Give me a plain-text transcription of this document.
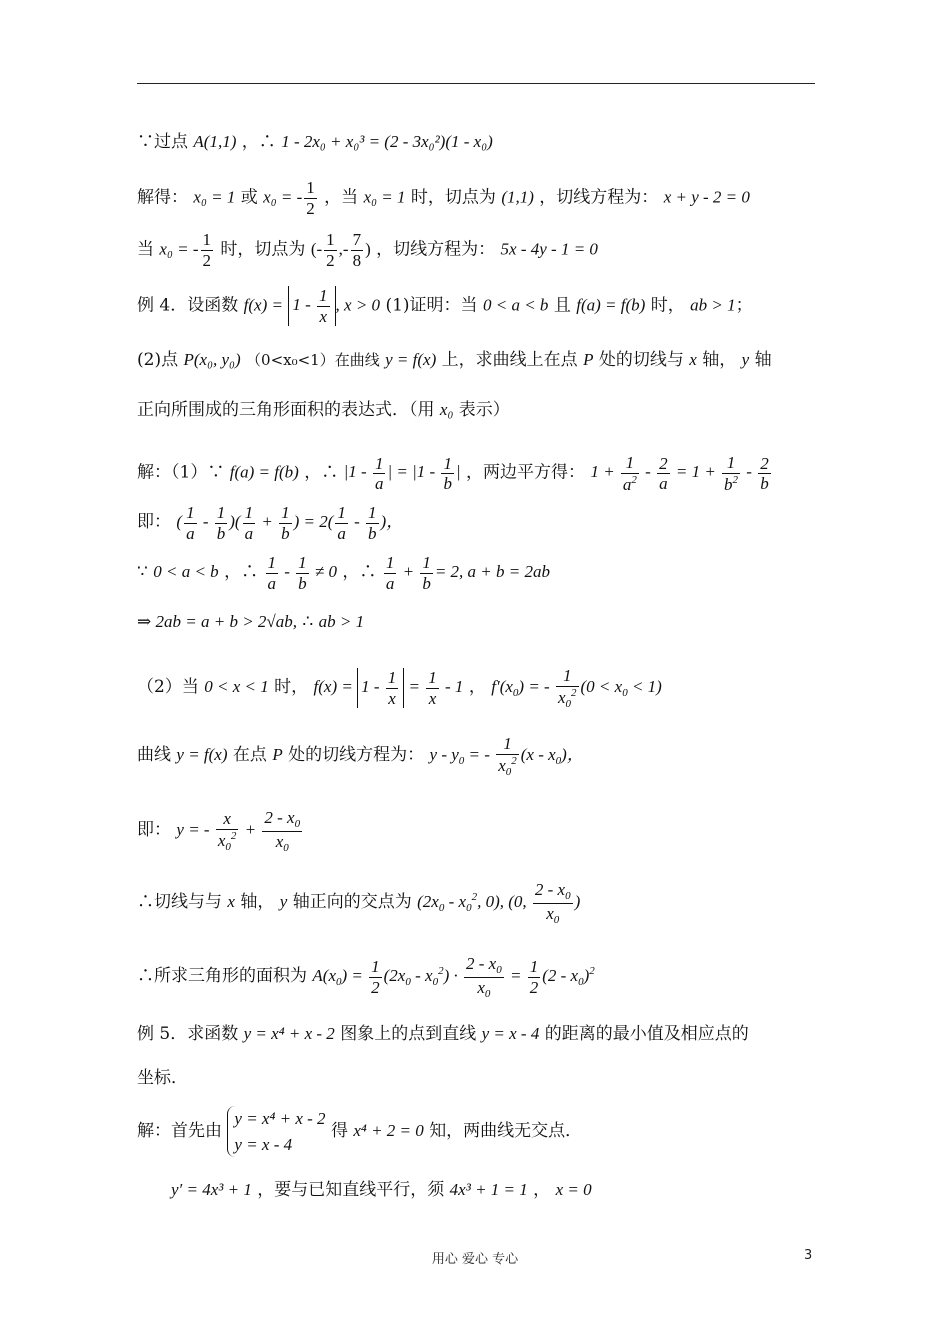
∵过点 A(1,1) ，∴ 1 - 2x₀ + x₀³ = (2 - 3x₀²)(1 - x₀)
解得： x₀ = 1 或 x₀ = - $\frac{1}{2}$ ，当 x₀ = 1 时，切点为 (1,1) ，切线方程为： x + y - 2 = 0
当 x₀ = - $\frac{1}{2}$ 时，切点为 (- $\frac{1}{2}$ ,- $\frac{7}{8}$ ) ，切线方程为： 5x - 4y - 1 = 0
例 4．设函数 $f(x) = 1 - \frac{1}{x}$ , x > 0 (1)证明：当 0 < a < b 且 f(a) = f(b) 时， ab > 1；
(2)点 P(x₀, y₀) （0<x₀<1）在曲线 y = f(x) 上，求曲线上在点 P 处的切线与 x 轴， y 轴
正向所围成的三角形面积的表达式．（用 x₀ 表示）
解：（1）∵ f(a) = f(b) ，∴ $|1 - \frac{1}{a}$ | = $|1 - \frac{1}{b}$ | ，两边平方得： $1 + \frac{1}{a^2} - \frac{2}{a} = 1 + \frac{1}{b^2} - \frac{2}{b}$
即： ( $\frac{1}{a} - \frac{1}{b}$ )( $\frac{1}{a} + \frac{1}{b}$ ) = $2( \frac{1}{a} - \frac{1}{b}$ )，
∵ 0 < a < b ，∴ $\frac{1}{a} - \frac{1}{b} \ne 0$ ，∴ $\frac{1}{a} + \frac{1}{b} = 2$, a + b = 2ab
⇒ 2ab = a + b > 2√ab, ∴ ab > 1
（2）当 0 < x < 1 时， $f(x) = 1 - \frac{1}{x} = \frac{1}{x} - 1$ ， $f'(x_0)$ = - $\frac{1}{x_0^2} (0 < x_0 < 1)$
曲线 y = f(x) 在点 P 处的切线方程为： y - $y_0$ = - $\frac{1}{x_0^2} (x - x_0)$，
即： y = - $\frac{x}{x_0^2} + \frac{2 - x_0}{x_0}$
∴切线与与 x 轴， y 轴正向的交点为 ($2x_0 - x_0^2$, 0), (0, $\frac{2 - x_0}{x_0}$ )
∴所求三角形的面积为 $A(x_0) = \frac{1}{2} (2x_0 - x_0^2) \cdot \frac{2 - x_0}{x_0} = \frac{1}{2} (2 - x_0)^2$
例 5．求函数 y = x⁴ + x - 2 图象上的点到直线 y = x - 4 的距离的最小值及相应点的
坐标．
解：首先由 y = x⁴ + x - 2
y = x - 4 得 x⁴ + 2 = 0 知，两曲线无交点．
y′ = 4x³ + 1 ，要与已知直线平行，须 4x³ + 1 = 1 ， x = 0
用心 爱心 专心	3
